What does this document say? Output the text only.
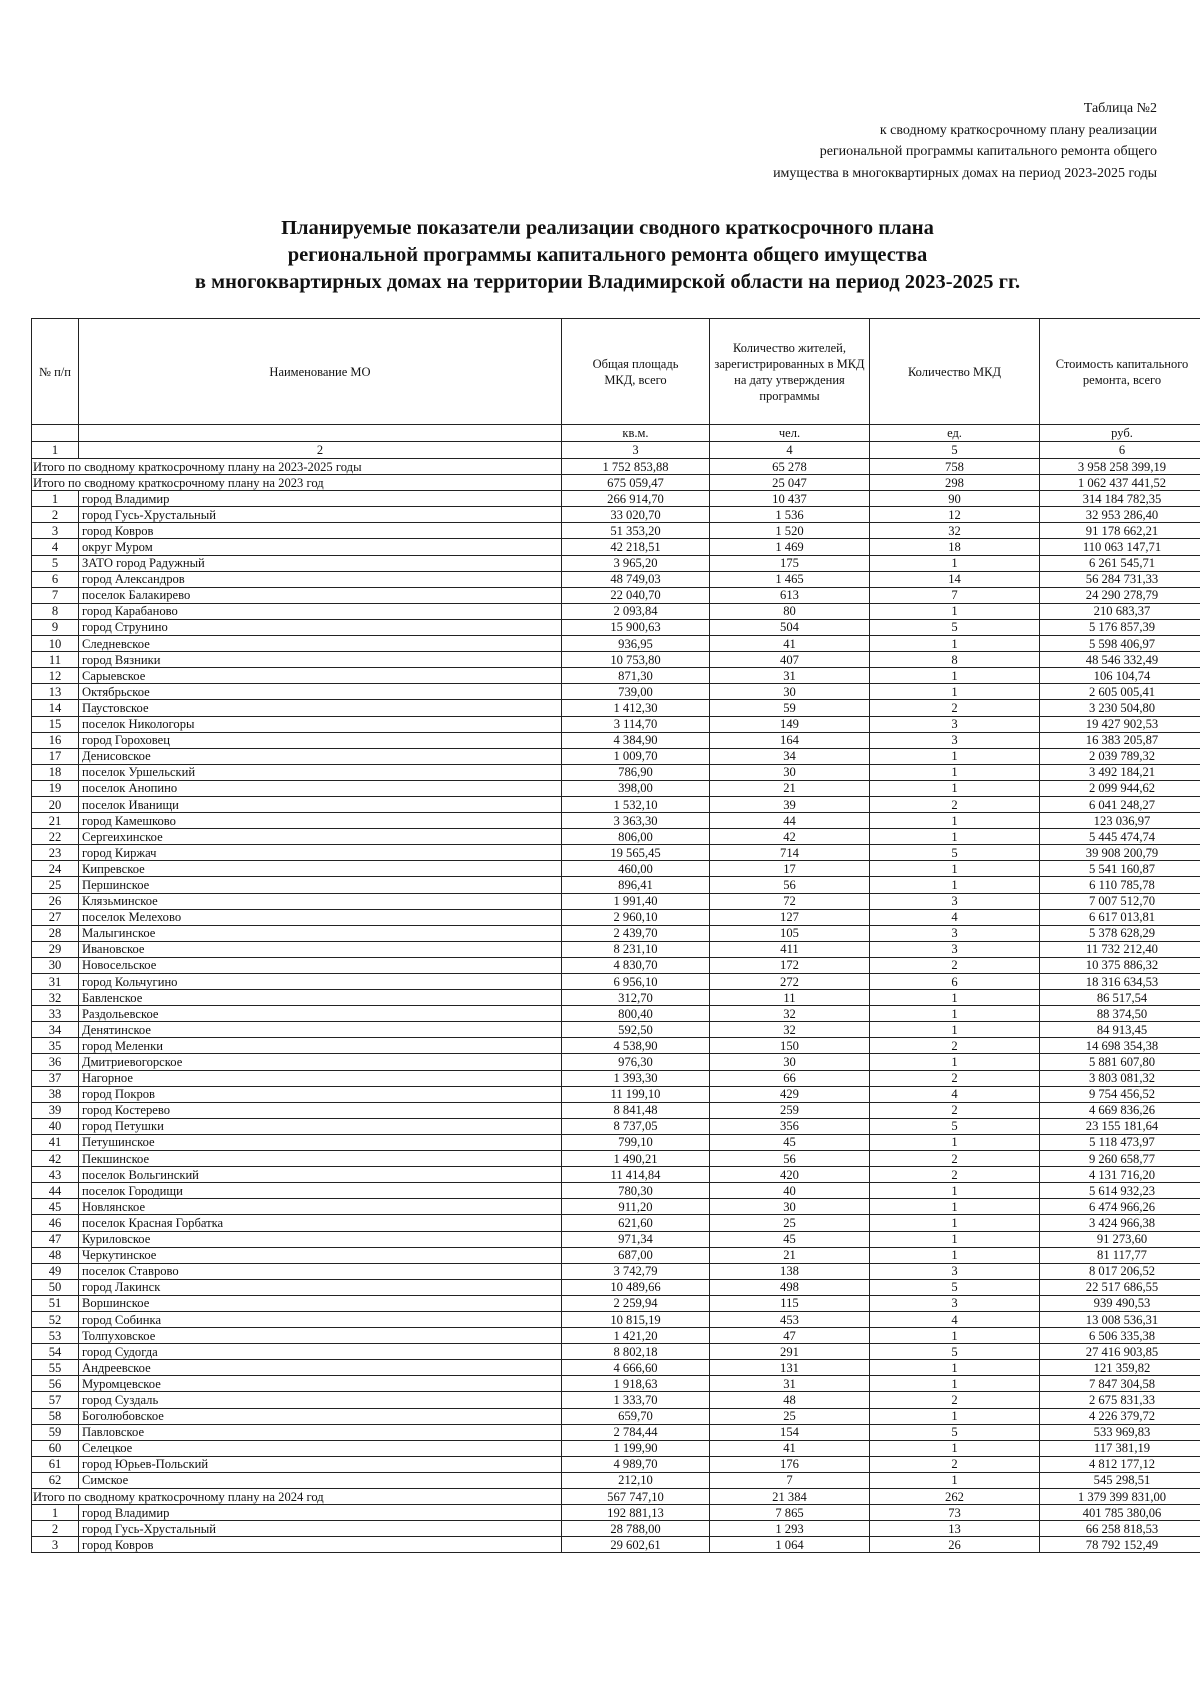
Таблица №2
к сводному краткосрочному плану реализации
региональной программы капитального ремонта общего
имущества в многоквартирных домах на период 2023-2025 годы
Планируемые показатели реализации сводного краткосрочного плана
региональной программы капитального ремонта общего имущества
в многоквартирных домах на территории Владимирской области на период 2023-2025 гг.
№ п/п	Наименование МО	Общая площадь МКД, всего	Количество жителей, зарегистрированных в МКД на дату утверждения программы	Количество МКД	Стоимость капитального ремонта, всего
		кв.м.	чел.	ед.	руб.
1	2	3	4	5	6
Итого по сводному краткосрочному плану на 2023-2025 годы		1 752 853,88	65 278	758	3 958 258 399,19
Итого по сводному краткосрочному плану на 2023 год		675 059,47	25 047	298	1 062 437 441,52
1	город Владимир	266 914,70	10 437	90	314 184 782,35
2	город Гусь-Хрустальный	33 020,70	1 536	12	32 953 286,40
3	город Ковров	51 353,20	1 520	32	91 178 662,21
4	округ Муром	42 218,51	1 469	18	110 063 147,71
5	ЗАТО город Радужный	3 965,20	175	1	6 261 545,71
6	город Александров	48 749,03	1 465	14	56 284 731,33
7	поселок Балакирево	22 040,70	613	7	24 290 278,79
8	город Карабаново	2 093,84	80	1	210 683,37
9	город Струнино	15 900,63	504	5	5 176 857,39
10	Следневское	936,95	41	1	5 598 406,97
11	город Вязники	10 753,80	407	8	48 546 332,49
12	Сарыевское	871,30	31	1	106 104,74
13	Октябрьское	739,00	30	1	2 605 005,41
14	Паустовское	1 412,30	59	2	3 230 504,80
15	поселок Никологоры	3 114,70	149	3	19 427 902,53
16	город Гороховец	4 384,90	164	3	16 383 205,87
17	Денисовское	1 009,70	34	1	2 039 789,32
18	поселок Уршельский	786,90	30	1	3 492 184,21
19	поселок Анопино	398,00	21	1	2 099 944,62
20	поселок Иванищи	1 532,10	39	2	6 041 248,27
21	город Камешково	3 363,30	44	1	123 036,97
22	Сергеихинское	806,00	42	1	5 445 474,74
23	город Киржач	19 565,45	714	5	39 908 200,79
24	Кипревское	460,00	17	1	5 541 160,87
25	Першинское	896,41	56	1	6 110 785,78
26	Клязьминское	1 991,40	72	3	7 007 512,70
27	поселок Мелехово	2 960,10	127	4	6 617 013,81
28	Малыгинское	2 439,70	105	3	5 378 628,29
29	Ивановское	8 231,10	411	3	11 732 212,40
30	Новосельское	4 830,70	172	2	10 375 886,32
31	город Кольчугино	6 956,10	272	6	18 316 634,53
32	Бавленское	312,70	11	1	86 517,54
33	Раздольевское	800,40	32	1	88 374,50
34	Денятинское	592,50	32	1	84 913,45
35	город Меленки	4 538,90	150	2	14 698 354,38
36	Дмитриевогорское	976,30	30	1	5 881 607,80
37	Нагорное	1 393,30	66	2	3 803 081,32
38	город Покров	11 199,10	429	4	9 754 456,52
39	город Костерево	8 841,48	259	2	4 669 836,26
40	город Петушки	8 737,05	356	5	23 155 181,64
41	Петушинское	799,10	45	1	5 118 473,97
42	Пекшинское	1 490,21	56	2	9 260 658,77
43	поселок Вольгинский	11 414,84	420	2	4 131 716,20
44	поселок Городищи	780,30	40	1	5 614 932,23
45	Новлянское	911,20	30	1	6 474 966,26
46	поселок Красная Горбатка	621,60	25	1	3 424 966,38
47	Куриловское	971,34	45	1	91 273,60
48	Черкутинское	687,00	21	1	81 117,77
49	поселок Ставрово	3 742,79	138	3	8 017 206,52
50	город Лакинск	10 489,66	498	5	22 517 686,55
51	Воршинское	2 259,94	115	3	939 490,53
52	город Собинка	10 815,19	453	4	13 008 536,31
53	Толпуховское	1 421,20	47	1	6 506 335,38
54	город Судогда	8 802,18	291	5	27 416 903,85
55	Андреевское	4 666,60	131	1	121 359,82
56	Муромцевское	1 918,63	31	1	7 847 304,58
57	город Суздаль	1 333,70	48	2	2 675 831,33
58	Боголюбовское	659,70	25	1	4 226 379,72
59	Павловское	2 784,44	154	5	533 969,83
60	Селецкое	1 199,90	41	1	117 381,19
61	город Юрьев-Польский	4 989,70	176	2	4 812 177,12
62	Симское	212,10	7	1	545 298,51
Итого по сводному краткосрочному плану на 2024 год		567 747,10	21 384	262	1 379 399 831,00
1	город Владимир	192 881,13	7 865	73	401 785 380,06
2	город Гусь-Хрустальный	28 788,00	1 293	13	66 258 818,53
3	город Ковров	29 602,61	1 064	26	78 792 152,49
